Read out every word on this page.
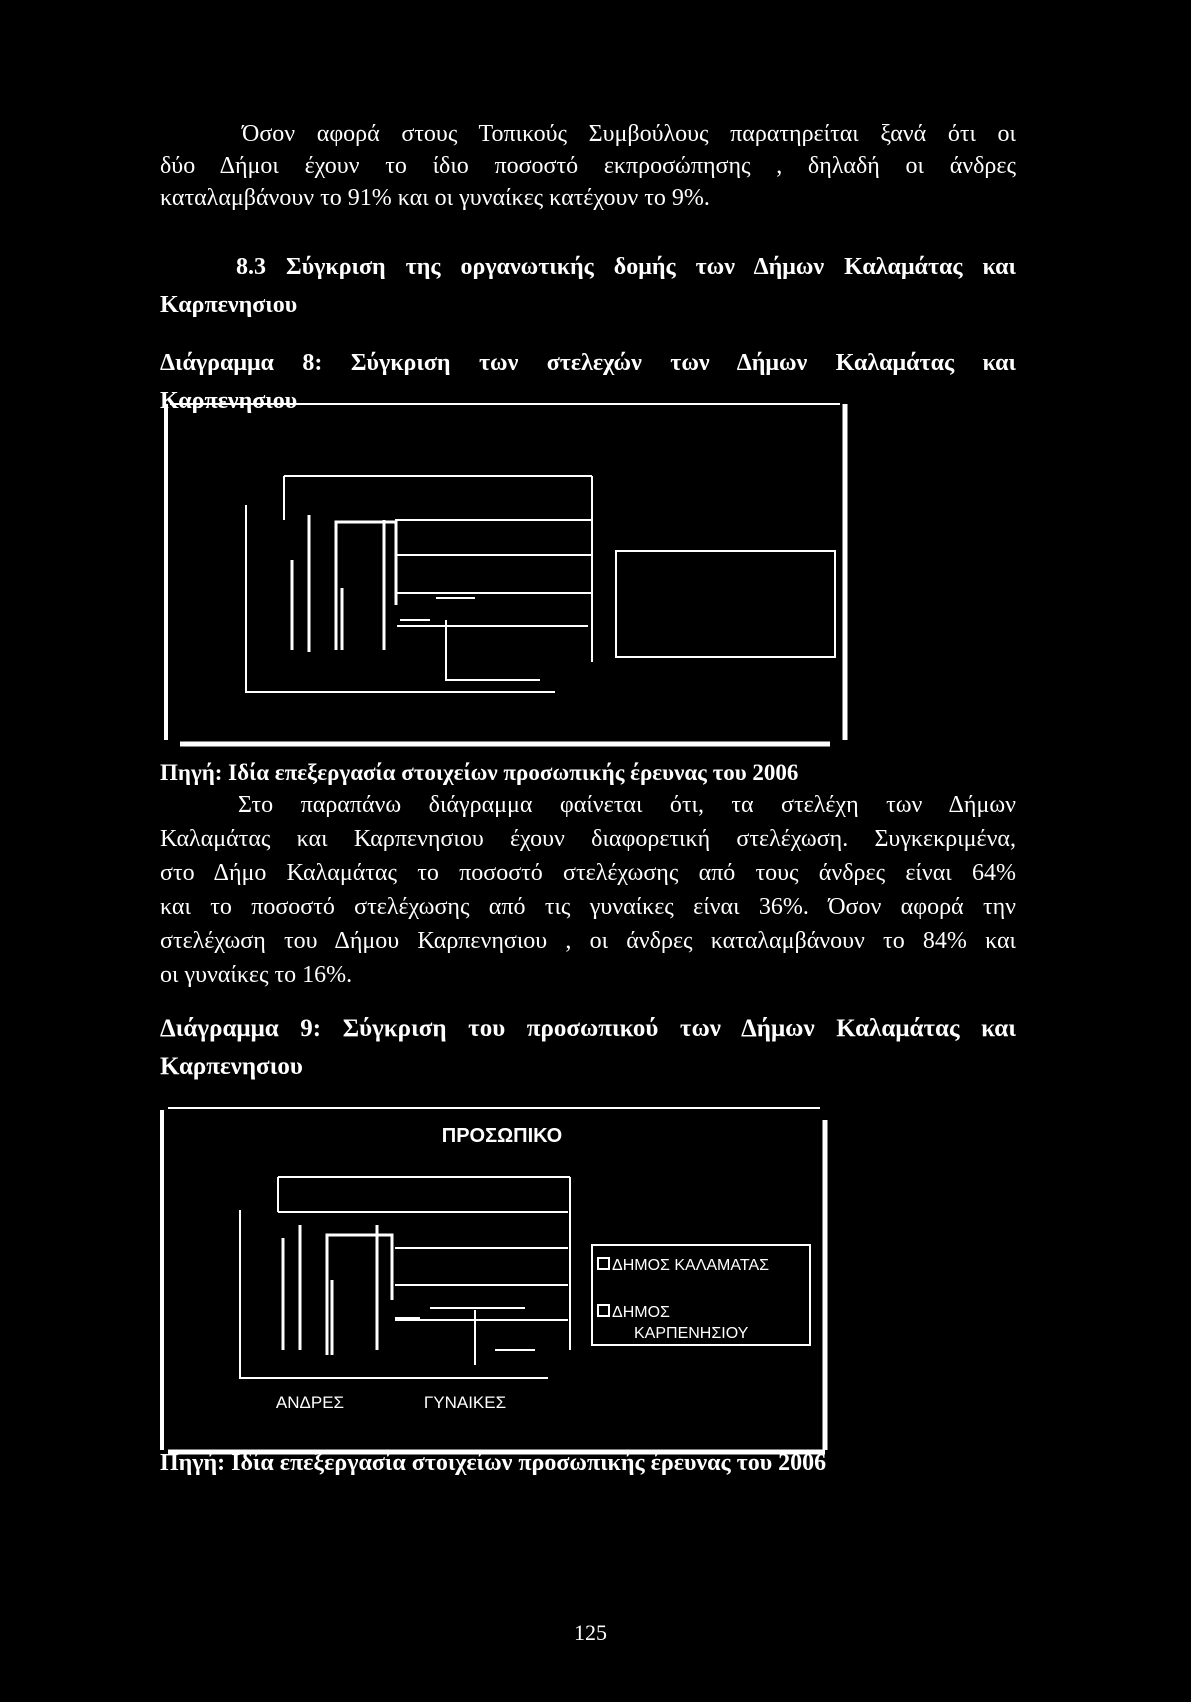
Όσον αφορά στους Τοπικούς Συμβούλους παρατηρείται ξανά ότι οι
δύο Δήμοι έχουν το ίδιο ποσοστό εκπροσώπησης , δηλαδή οι άνδρες
καταλαμβάνουν το 91% και οι γυναίκες κατέχουν το 9%.

8.3 Σύγκριση της οργανωτικής δομής των Δήμων Καλαμάτας και
Καρπενησιου
Διάγραμμα 8: Σύγκριση των στελεχών των Δήμων Καλαμάτας και
Καρπενησιου
ΠΡΟΣΩΠΙΚΟ
ΑΝΔΡΕΣ	ΓΥΝΑΙΚΕΣ
ΔΗΜΟΣ ΚΑΛΑΜΑΤΑΣ
ΔΗΜΟΣ
ΚΑΡΠΕΝΗΣΙΟΥ
Πηγή: Ιδία επεξεργασία στοιχείων προσωπικής έρευνας του 2006

Στο παραπάνω διάγραμμα φαίνεται ότι, τα στελέχη των Δήμων
Καλαμάτας και Καρπενησιου έχουν διαφορετική στελέχωση. Συγκεκριμένα,
στο Δήμο Καλαμάτας το ποσοστό στελέχωσης από τους άνδρες είναι 64%
και το ποσοστό στελέχωσης από τις γυναίκες είναι 36%. Όσον αφορά την
στελέχωση του Δήμου Καρπενησιου , οι άνδρες καταλαμβάνουν το 84% και
οι γυναίκες το 16%.

Διάγραμμα 9: Σύγκριση του προσωπικού των Δήμων Καλαμάτας και
Καρπενησιου
Πηγή: Ιδία επεξεργασία στοιχείων προσωπικής έρευνας του 2006
125
